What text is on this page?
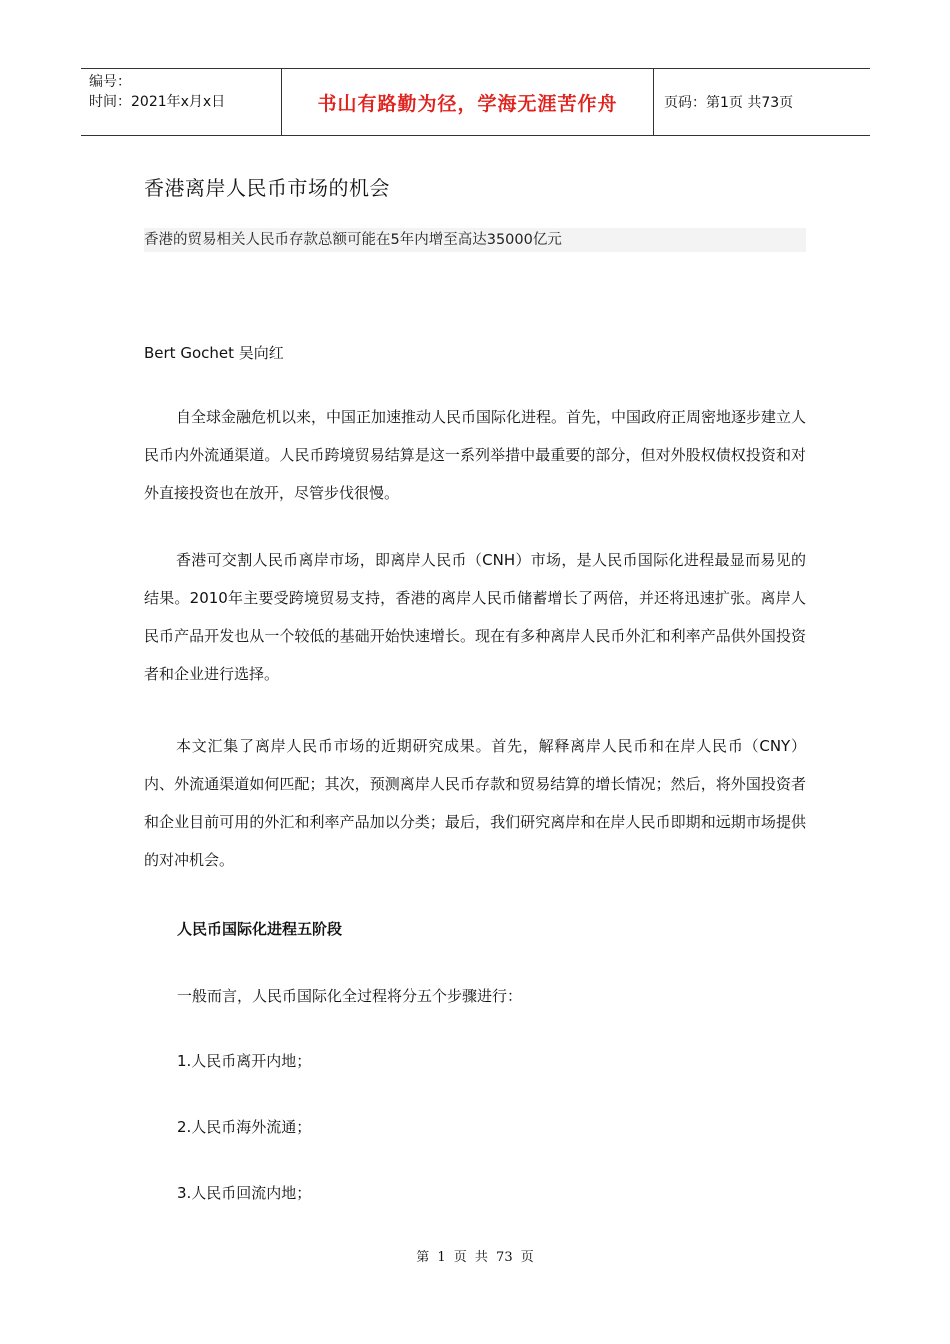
编号：
时间：2021年x月x日	书山有路勤为径，学海无涯苦作舟	页码：第1页 共73页
香港离岸人民币市场的机会
香港的贸易相关人民币存款总额可能在5年内增至高达35000亿元
Bert Gochet 吴向红

自全球金融危机以来，中国正加速推动人民币国际化进程。首先，中国政府正周密地逐步建立人民币内外流通渠道。人民币跨境贸易结算是这一系列举措中最重要的部分，但对外股权债权投资和对外直接投资也在放开，尽管步伐很慢。

香港可交割人民币离岸市场，即离岸人民币（CNH）市场，是人民币国际化进程最显而易见的结果。2010年主要受跨境贸易支持，香港的离岸人民币储蓄增长了两倍，并还将迅速扩张。离岸人民币产品开发也从一个较低的基础开始快速增长。现在有多种离岸人民币外汇和利率产品供外国投资者和企业进行选择。

本文汇集了离岸人民币市场的近期研究成果。首先，解释离岸人民币和在岸人民币（CNY）内、外流通渠道如何匹配；其次，预测离岸人民币存款和贸易结算的增长情况；然后，将外国投资者和企业目前可用的外汇和利率产品加以分类；最后，我们研究离岸和在岸人民币即期和远期市场提供的对冲机会。

人民币国际化进程五阶段
一般而言，人民币国际化全过程将分五个步骤进行：
1.人民币离开内地；
2.人民币海外流通；
3.人民币回流内地；
第 1 页 共 73 页
